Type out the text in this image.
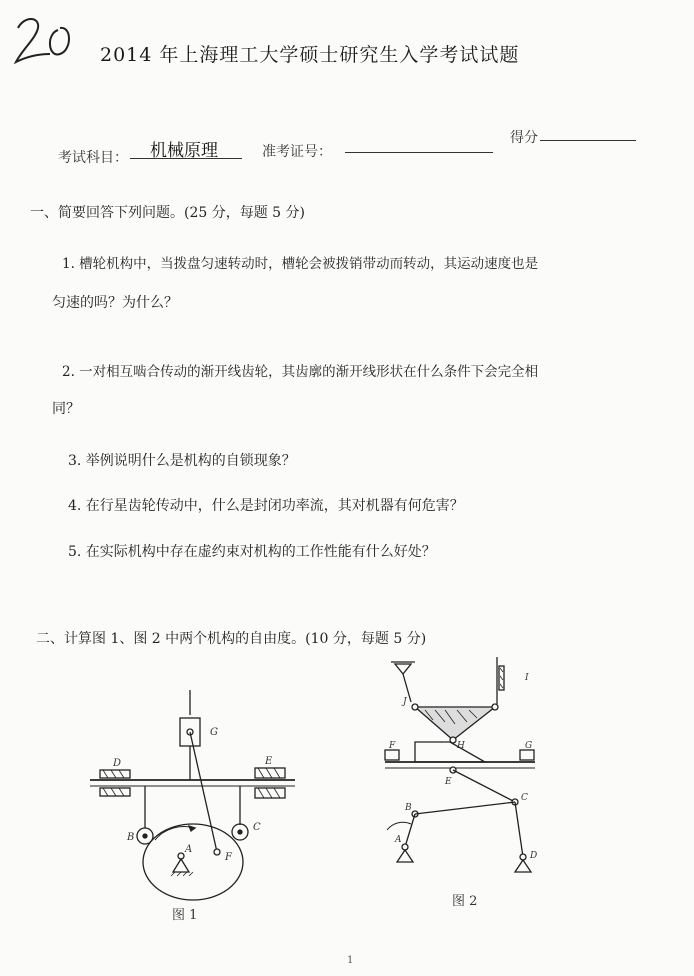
2014 年上海理工大学硕士研究生入学考试试题
考试科目： 机械原理	准考证号：
得分
一、简要回答下列问题。(25 分，每题 5 分)
1. 槽轮机构中，当拨盘匀速转动时，槽轮会被拨销带动而转动，其运动速度也是
匀速的吗？为什么？
2. 一对相互啮合传动的渐开线齿轮，其齿廓的渐开线形状在什么条件下会完全相
同？
3. 举例说明什么是机构的自锁现象？
4. 在行星齿轮传动中，什么是封闭功率流，其对机器有何危害？
5. 在实际机构中存在虚约束对机构的工作性能有什么好处？
二、计算图 1、图 2 中两个机构的自由度。(10 分，每题 5 分)
G
D	E
B
C
A
F
图 1
I
J
H
F	G
E
B
C
A
D
图 2
1
